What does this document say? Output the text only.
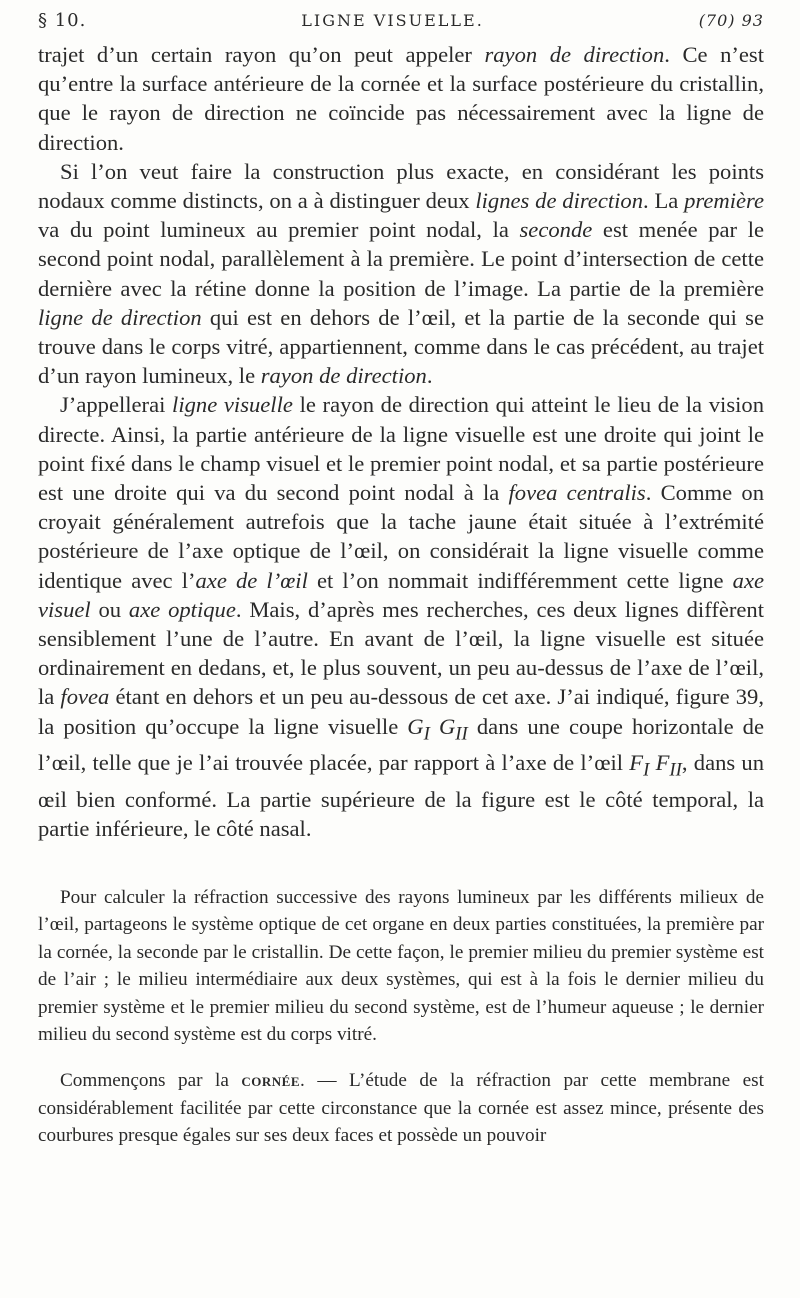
§ 10.	LIGNE VISUELLE.	(70) 93

trajet d’un certain rayon qu’on peut appeler rayon de direction. Ce n’est qu’entre la surface antérieure de la cornée et la surface postérieure du cristallin, que le rayon de direction ne coïncide pas nécessairement avec la ligne de direction.

Si l’on veut faire la construction plus exacte, en considérant les points nodaux comme distincts, on a à distinguer deux lignes de direction. La première va du point lumineux au premier point nodal, la seconde est menée par le second point nodal, parallèlement à la première. Le point d’intersection de cette dernière avec la rétine donne la position de l’image. La partie de la première ligne de direction qui est en dehors de l’œil, et la partie de la seconde qui se trouve dans le corps vitré, appartiennent, comme dans le cas précédent, au trajet d’un rayon lumineux, le rayon de direction.

J’appellerai ligne visuelle le rayon de direction qui atteint le lieu de la vision directe. Ainsi, la partie antérieure de la ligne visuelle est une droite qui joint le point fixé dans le champ visuel et le premier point nodal, et sa partie postérieure est une droite qui va du second point nodal à la fovea centralis. Comme on croyait généralement autrefois que la tache jaune était située à l’extrémité postérieure de l’axe optique de l’œil, on considérait la ligne visuelle comme identique avec l’axe de l’œil et l’on nommait indifféremment cette ligne axe visuel ou axe optique. Mais, d’après mes recherches, ces deux lignes diffèrent sensiblement l’une de l’autre. En avant de l’œil, la ligne visuelle est située ordinairement en dedans, et, le plus souvent, un peu au-dessus de l’axe de l’œil, la fovea étant en dehors et un peu au-dessous de cet axe. J’ai indiqué, figure 39, la position qu’occupe la ligne visuelle $G_I$ $G_{II}$ dans une coupe horizontale de l’œil, telle que je l’ai trouvée placée, par rapport à l’axe de l’œil $F_I$ $F_{II}$, dans un œil bien conformé. La partie supérieure de la figure est le côté temporal, la partie inférieure, le côté nasal.

Pour calculer la réfraction successive des rayons lumineux par les différents milieux de l’œil, partageons le système optique de cet organe en deux parties constituées, la première par la cornée, la seconde par le cristallin. De cette façon, le premier milieu du premier système est de l’air ; le milieu intermédiaire aux deux systèmes, qui est à la fois le dernier milieu du premier système et le premier milieu du second système, est de l’humeur aqueuse ; le dernier milieu du second système est du corps vitré.

Commençons par la cornée. — L’étude de la réfraction par cette membrane est considérablement facilitée par cette circonstance que la cornée est assez mince, présente des courbures presque égales sur ses deux faces et possède un pouvoir
